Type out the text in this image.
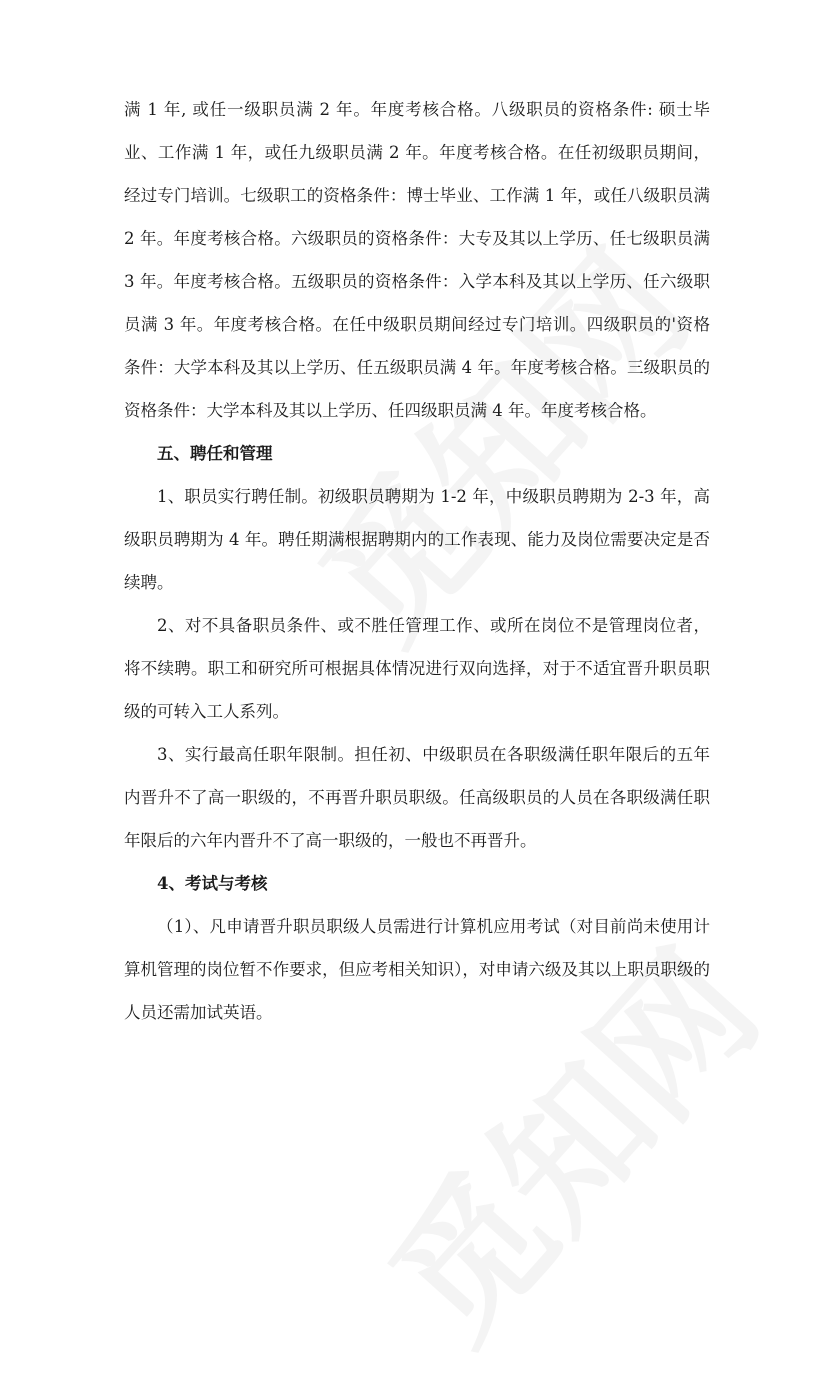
满 1 年, 或任一级职员满 2 年。年度考核合格。八级职员的资格条件: 硕士毕业、工作满 1 年，或任九级职员满 2 年。年度考核合格。在任初级职员期间，经过专门培训。七级职工的资格条件：博士毕业、工作满 1 年，或任八级职员满 2 年。年度考核合格。六级职员的资格条件：大专及其以上学历、任七级职员满 3 年。年度考核合格。五级职员的资格条件：入学本科及其以上学历、任六级职员满 3 年。年度考核合格。在任中级职员期间经过专门培训。四级职员的'资格条件：大学本科及其以上学历、任五级职员满 4 年。年度考核合格。三级职员的资格条件：大学本科及其以上学历、任四级职员满 4 年。年度考核合格。

五、聘任和管理

1、职员实行聘任制。初级职员聘期为 1-2 年，中级职员聘期为 2-3 年，高级职员聘期为 4 年。聘任期满根据聘期内的工作表现、能力及岗位需要决定是否续聘。

2、对不具备职员条件、或不胜任管理工作、或所在岗位不是管理岗位者，将不续聘。职工和研究所可根据具体情况进行双向选择，对于不适宜晋升职员职级的可转入工人系列。

3、实行最高任职年限制。担任初、中级职员在各职级满任职年限后的五年内晋升不了高一职级的，不再晋升职员职级。任高级职员的人员在各职级满任职年限后的六年内晋升不了高一职级的，一般也不再晋升。

4、考试与考核

（1）、凡申请晋升职员职级人员需进行计算机应用考试（对目前尚未使用计算机管理的岗位暂不作要求，但应考相关知识），对申请六级及其以上职员职级的人员还需加试英语。
